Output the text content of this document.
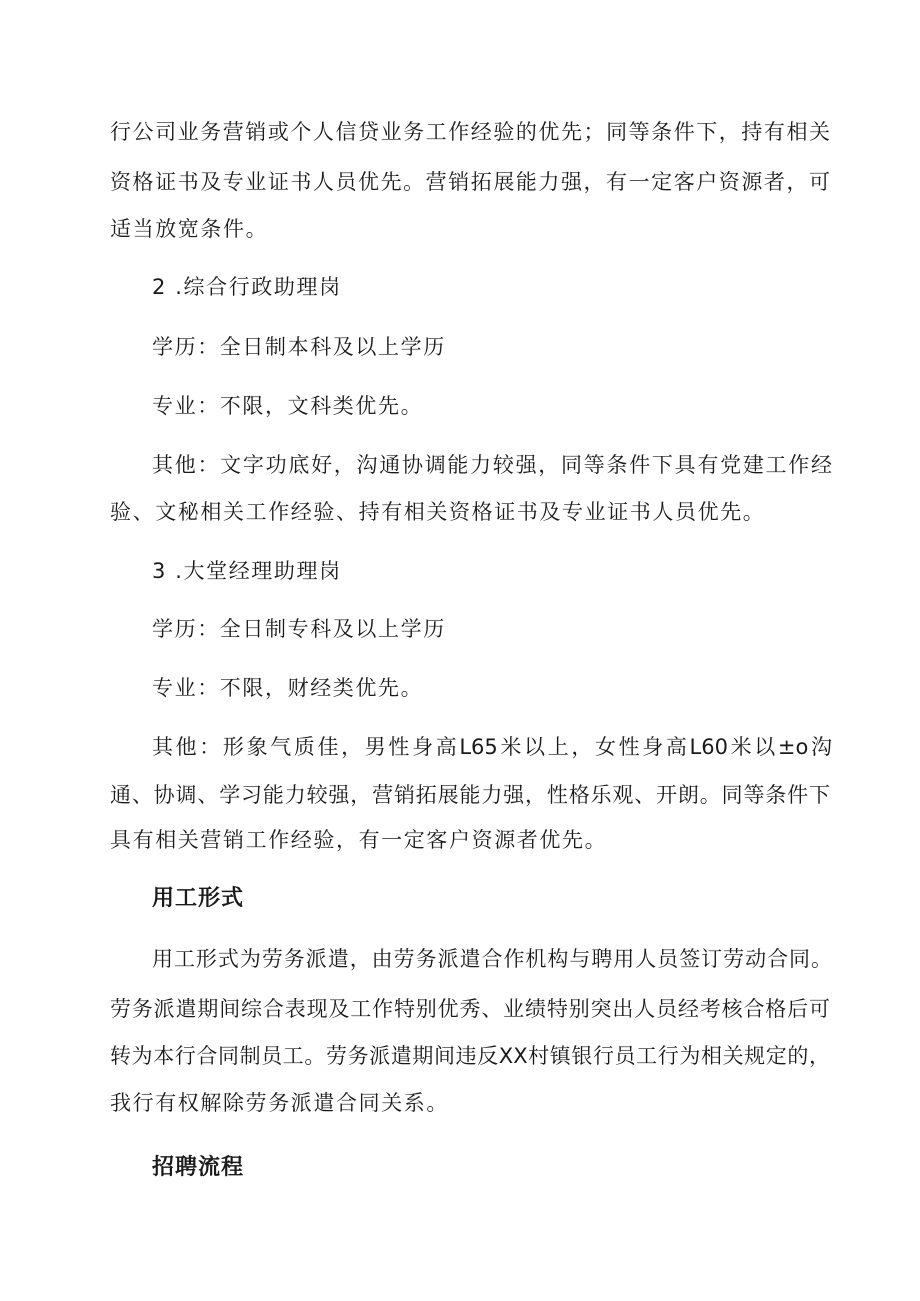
行公司业务营销或个人信贷业务工作经验的优先；同等条件下，持有相关
资格证书及专业证书人员优先。营销拓展能力强，有一定客户资源者，可
适当放宽条件。
2 .综合行政助理岗
学历：全日制本科及以上学历
专业：不限，文科类优先。
其他：文字功底好，沟通协调能力较强，同等条件下具有党建工作经
验、文秘相关工作经验、持有相关资格证书及专业证书人员优先。
3 .大堂经理助理岗
学历：全日制专科及以上学历
专业：不限，财经类优先。
其他：形象气质佳，男性身高L65米以上，女性身高L60米以±o沟
通、协调、学习能力较强，营销拓展能力强，性格乐观、开朗。同等条件下
具有相关营销工作经验，有一定客户资源者优先。
用工形式
用工形式为劳务派遣，由劳务派遣合作机构与聘用人员签订劳动合同。
劳务派遣期间综合表现及工作特别优秀、业绩特别突出人员经考核合格后可
转为本行合同制员工。劳务派遣期间违反XX村镇银行员工行为相关规定的，
我行有权解除劳务派遣合同关系。
招聘流程
